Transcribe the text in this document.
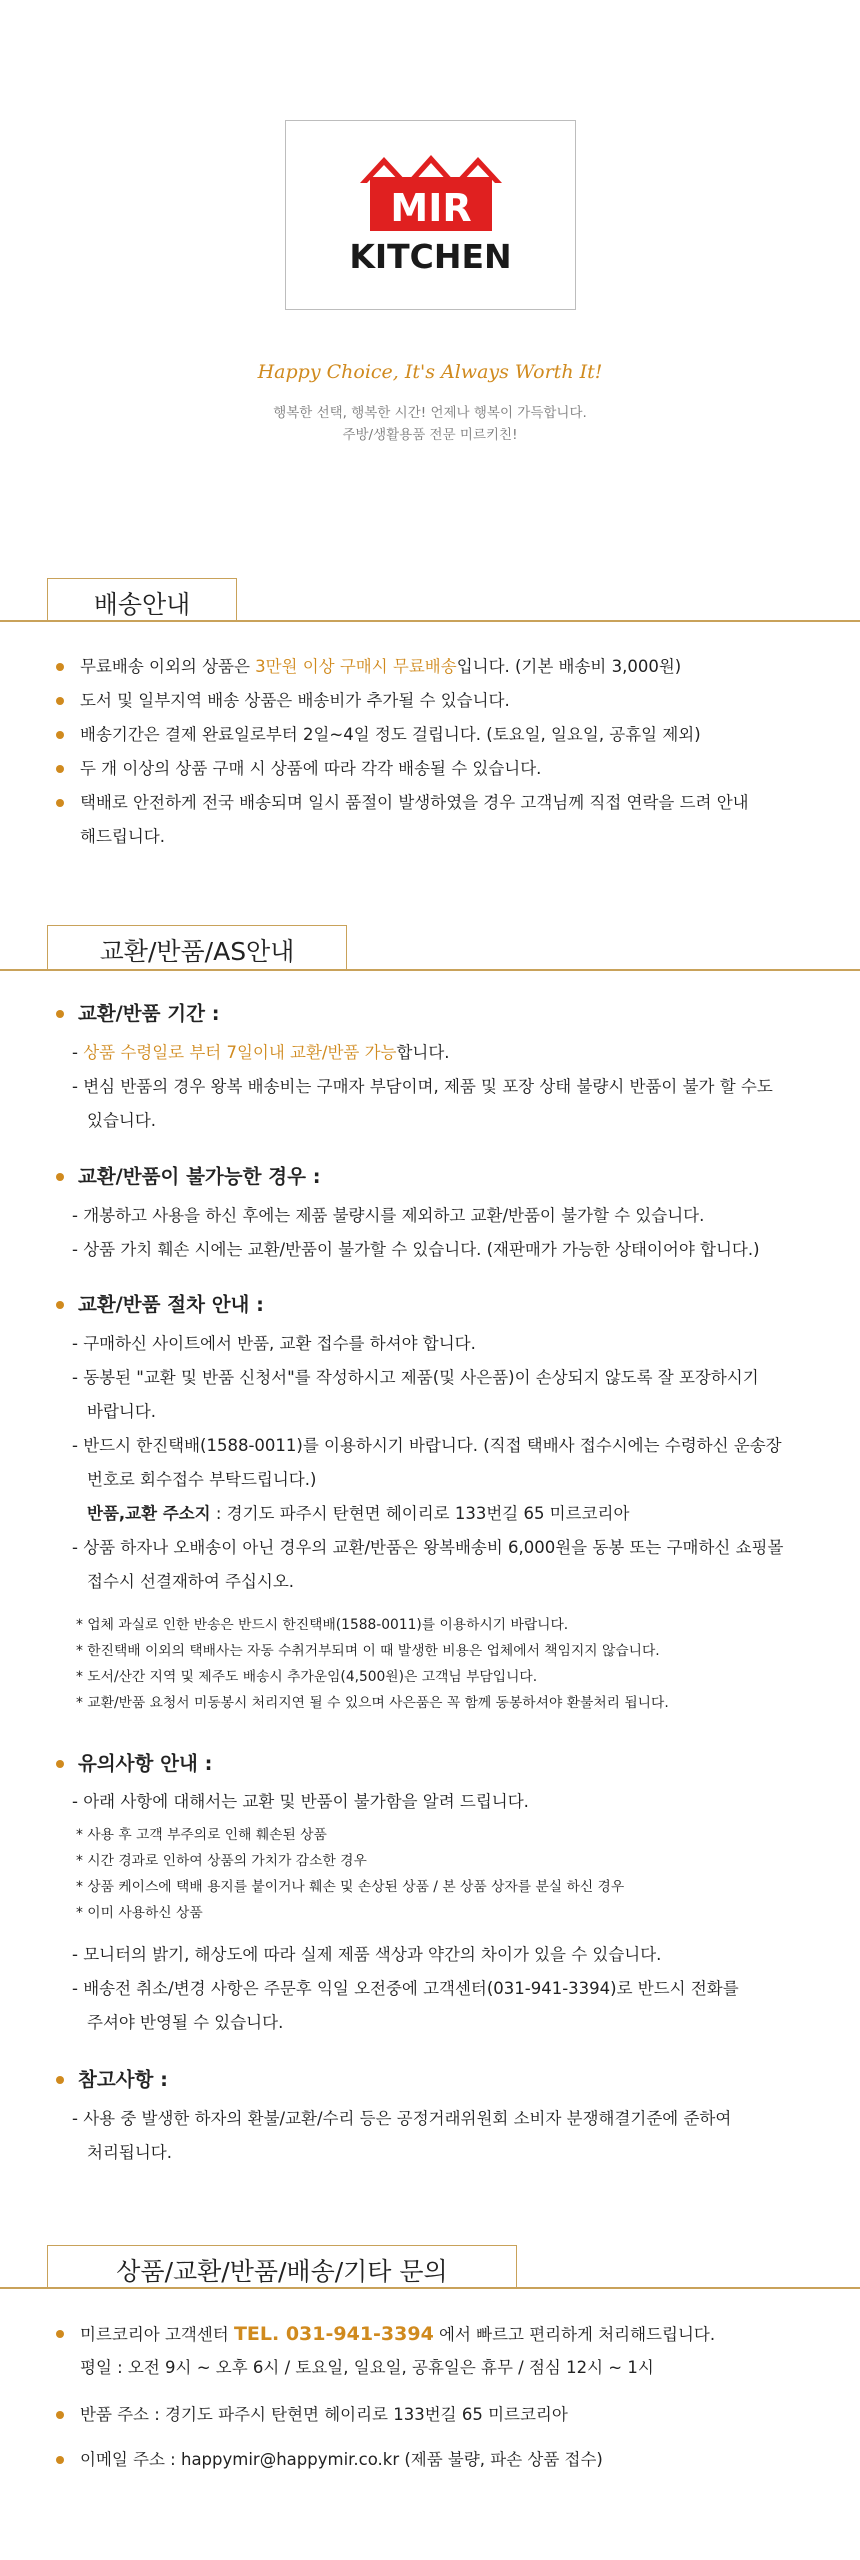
MIR
KITCHEN
Happy Choice, It's Always Worth It!
행복한 선택, 행복한 시간! 언제나 행복이 가득합니다.
주방/생활용품 전문 미르키친!
배송안내
무료배송 이외의 상품은 3만원 이상 구매시 무료배송입니다. (기본 배송비 3,000원)
도서 및 일부지역 배송 상품은 배송비가 추가될 수 있습니다.
배송기간은 결제 완료일로부터 2일~4일 정도 걸립니다. (토요일, 일요일, 공휴일 제외)
두 개 이상의 상품 구매 시 상품에 따라 각각 배송될 수 있습니다.
택배로 안전하게 전국 배송되며 일시 품절이 발생하였을 경우 고객님께 직접 연락을 드려 안내
해드립니다.
교환/반품/AS안내
교환/반품 기간 :
- 상품 수령일로 부터 7일이내 교환/반품 가능합니다.
- 변심 반품의 경우 왕복 배송비는 구매자 부담이며, 제품 및 포장 상태 불량시 반품이 불가 할 수도
있습니다.
교환/반품이 불가능한 경우 :
- 개봉하고 사용을 하신 후에는 제품 불량시를 제외하고 교환/반품이 불가할 수 있습니다.
- 상품 가치 훼손 시에는 교환/반품이 불가할 수 있습니다. (재판매가 가능한 상태이어야 합니다.)
교환/반품 절차 안내 :
- 구매하신 사이트에서 반품, 교환 접수를 하셔야 합니다.
- 동봉된 "교환 및 반품 신청서"를 작성하시고 제품(및 사은품)이 손상되지 않도록 잘 포장하시기
바랍니다.
- 반드시 한진택배(1588-0011)를 이용하시기 바랍니다. (직접 택배사 접수시에는 수령하신 운송장
번호로 회수접수 부탁드립니다.)
반품,교환 주소지 : 경기도 파주시 탄현면 헤이리로 133번길 65 미르코리아
- 상품 하자나 오배송이 아닌 경우의 교환/반품은 왕복배송비 6,000원을 동봉 또는 구매하신 쇼핑몰
접수시 선결재하여 주십시오.
* 업체 과실로 인한 반송은 반드시 한진택배(1588-0011)를 이용하시기 바랍니다.
* 한진택배 이외의 택배사는 자동 수취거부되며 이 때 발생한 비용은 업체에서 책임지지 않습니다.
* 도서/산간 지역 및 제주도 배송시 추가운임(4,500원)은 고객님 부담입니다.
* 교환/반품 요청서 미동봉시 처리지연 될 수 있으며 사은품은 꼭 함께 동봉하셔야 환불처리 됩니다.
유의사항 안내 :
- 아래 사항에 대해서는 교환 및 반품이 불가함을 알려 드립니다.
* 사용 후 고객 부주의로 인해 훼손된 상품
* 시간 경과로 인하여 상품의 가치가 감소한 경우
* 상품 케이스에 택배 용지를 붙이거나 훼손 및 손상된 상품 / 본 상품 상자를 분실 하신 경우
* 이미 사용하신 상품
- 모니터의 밝기, 해상도에 따라 실제 제품 색상과 약간의 차이가 있을 수 있습니다.
- 배송전 취소/변경 사항은 주문후 익일 오전중에 고객센터(031-941-3394)로 반드시 전화를
주셔야 반영될 수 있습니다.
참고사항 :
- 사용 중 발생한 하자의 환불/교환/수리 등은 공정거래위원회 소비자 분쟁해결기준에 준하여
처리됩니다.
상품/교환/반품/배송/기타 문의
미르코리아 고객센터 TEL. 031-941-3394 에서 빠르고 편리하게 처리해드립니다.
평일 : 오전 9시 ~ 오후 6시 / 토요일, 일요일, 공휴일은 휴무 / 점심 12시 ~ 1시
반품 주소 : 경기도 파주시 탄현면 헤이리로 133번길 65 미르코리아
이메일 주소 : happymir@happymir.co.kr (제품 불량, 파손 상품 접수)
